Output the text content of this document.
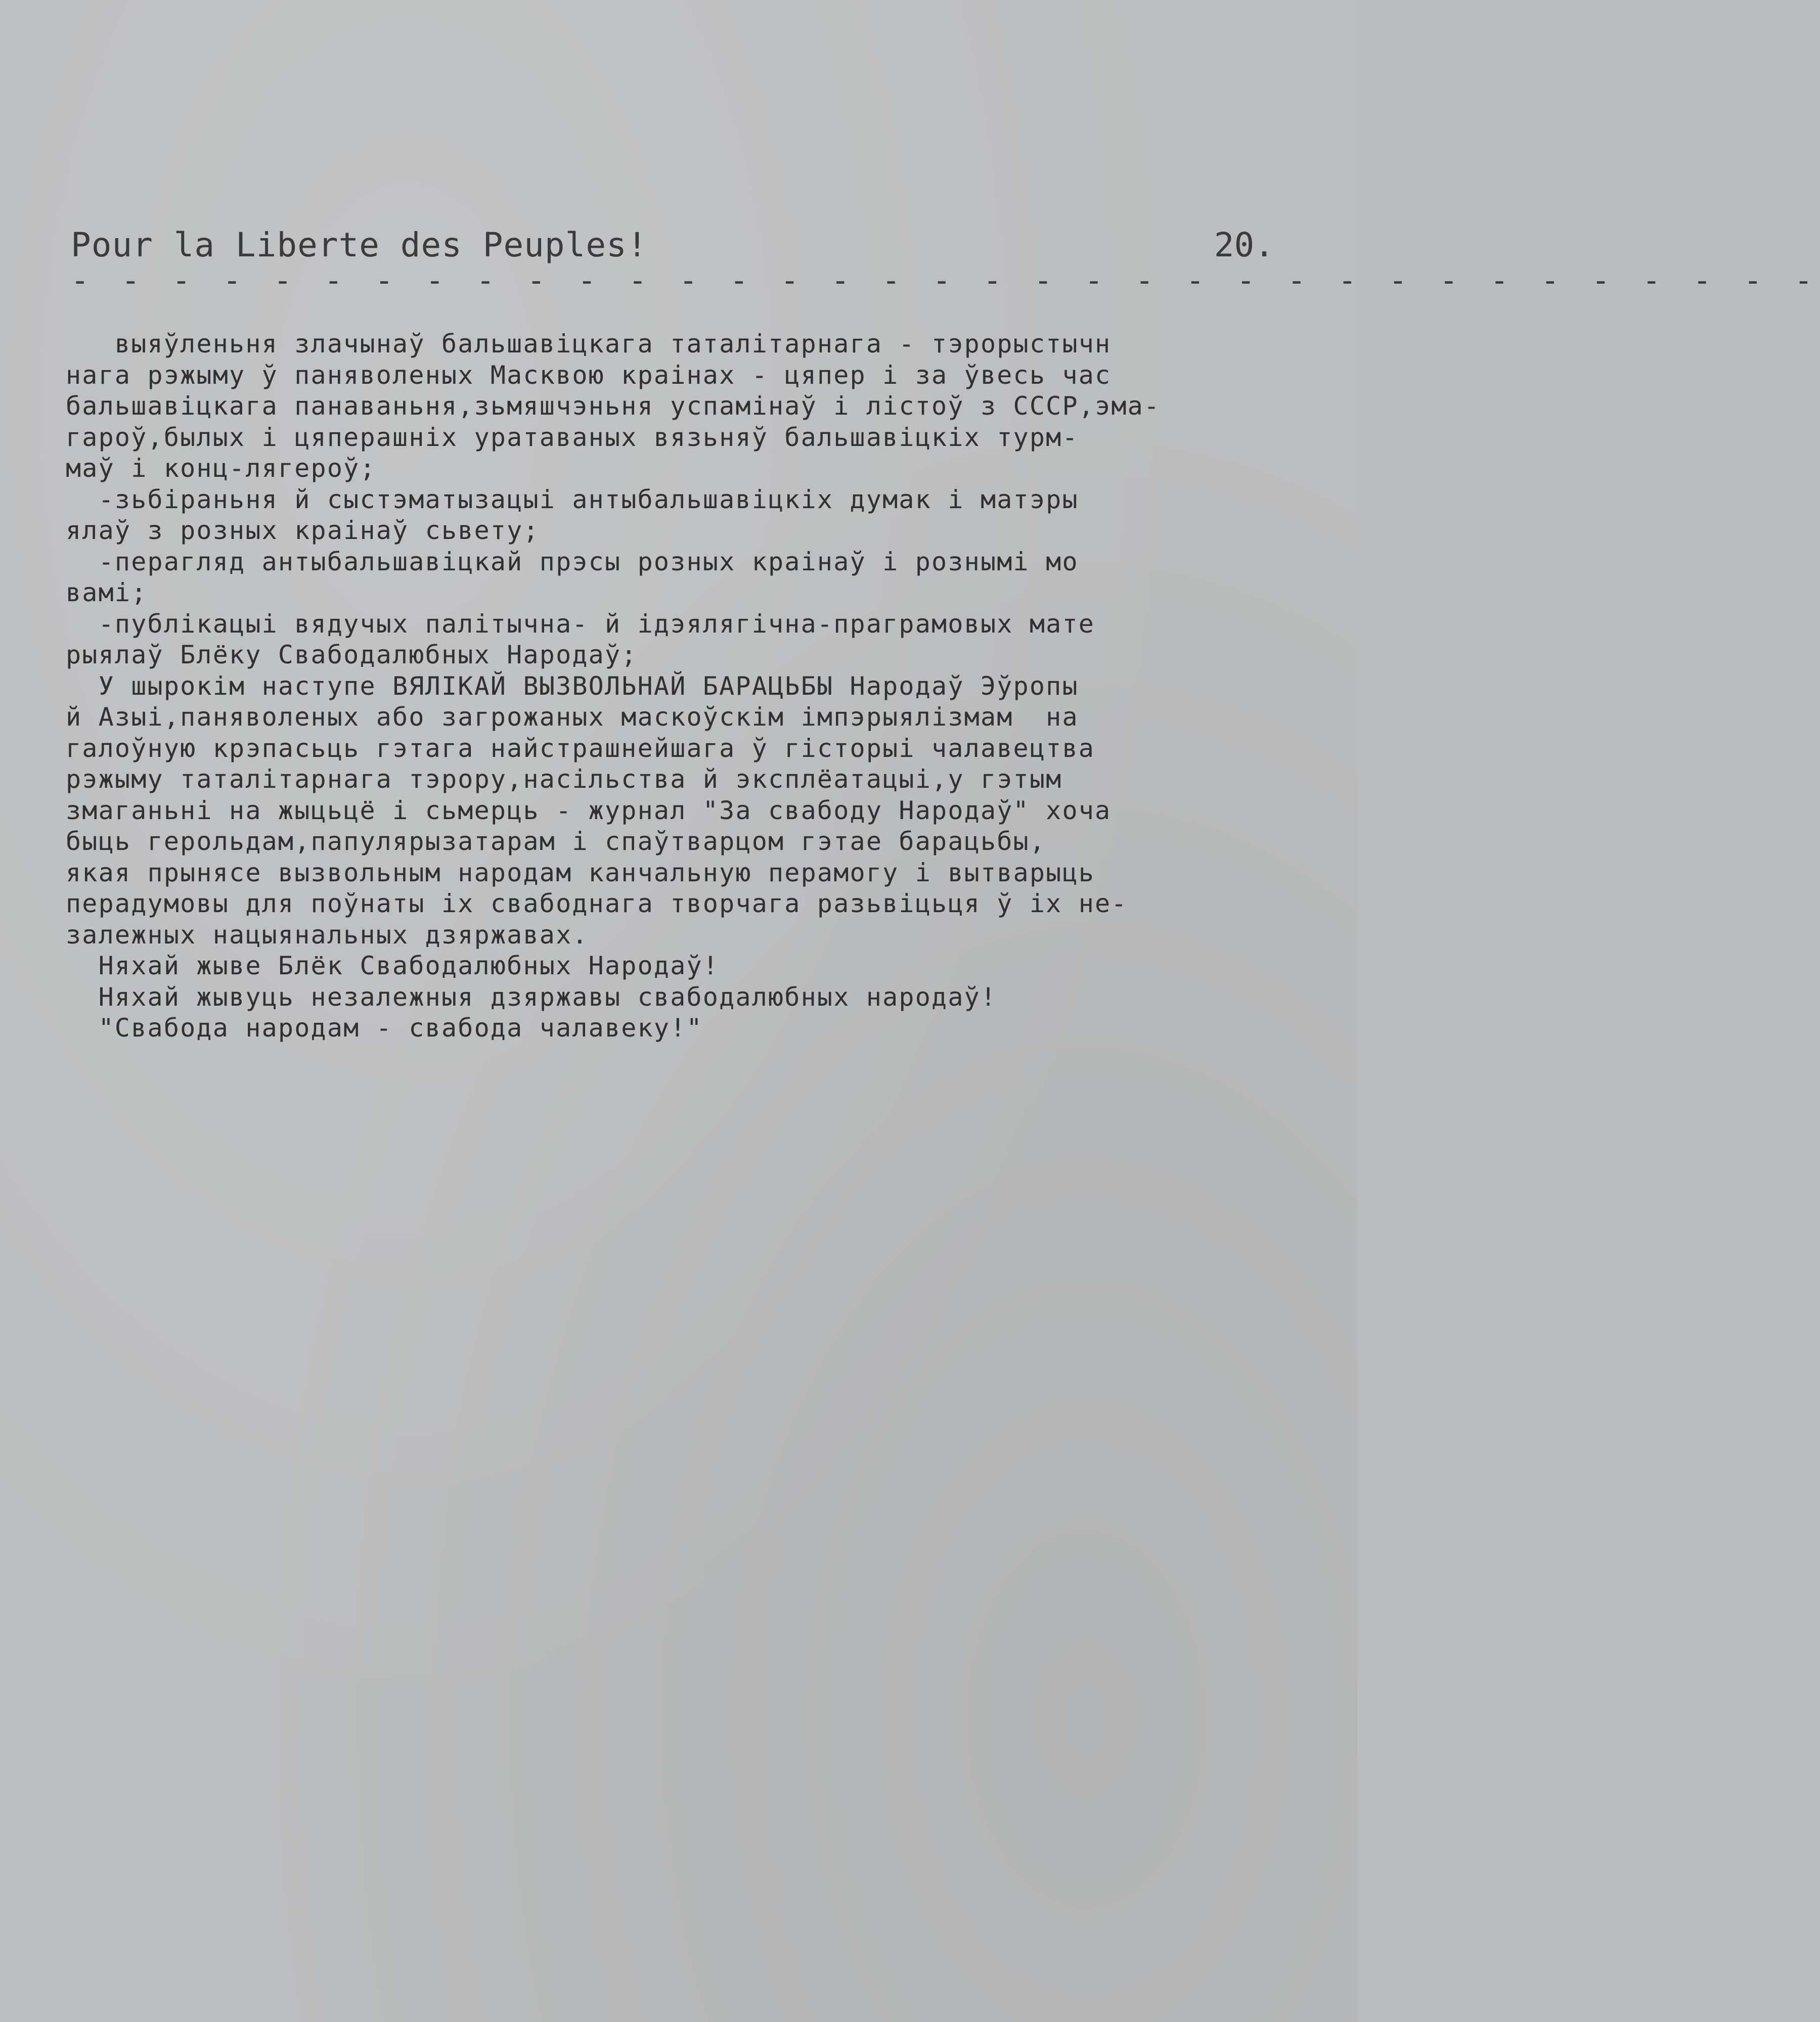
Pour la Liberte des Peuples!	20.
- - - - - - - - - - - - - - - - - - - - - - - - - - - - - - - - - - -
выяўленьня злачынаў бальшавіцкага таталітарнага - тэрорыстычн
нага рэжыму ў паняволеных Масквою краінах - цяпер і за ўвесь час
бальшавіцкага панаваньня,зьмяшчэньня успамінаў і лістоў з СССР,эма-
гароў,былых і цяперашніх уратаваных вязьняў бальшавіцкіх турм-
маў і конц-лягероў;
-зьбіраньня й сыстэматызацыі антыбальшавіцкіх думак і матэры
ялаў з розных краінаў сьвету;
-перагляд антыбальшавіцкай прэсы розных краінаў і рознымі мо
вамі;
-публікацыі вядучых палітычна- й ідэялягічна-праграмовых мате
рыялаў Блёку Свабодалюбных Народаў;
У шырокім наступе ВЯЛІКАЙ ВЫЗВОЛЬНАЙ БАРАЦЬБЫ Народаў Эўропы
й Азыі,паняволеных або загрожаных маскоўскім імпэрыялізмам  на
галоўную крэпасьць гэтага найстрашнейшага ў гісторыі чалавецтва
рэжыму таталітарнага тэрору,насільства й эксплёатацыі,у гэтым
змаганьні на жыцьцё і сьмерць - журнал "За свабоду Народаў" хоча
быць герольдам,папулярызатарам і спаўтварцом гэтае барацьбы,
якая прынясе вызвольным народам канчальную перамогу і вытварыць
перадумовы для поўнаты іх свабоднага творчага разьвіцьця ў іх не-
залежных нацыянальных дзяржавах.
Няхай жыве Блёк Свабодалюбных Народаў!
Няхай жывуць незалежныя дзяржавы свабодалюбных народаў!
"Свабода народам - свабода чалавеку!"
